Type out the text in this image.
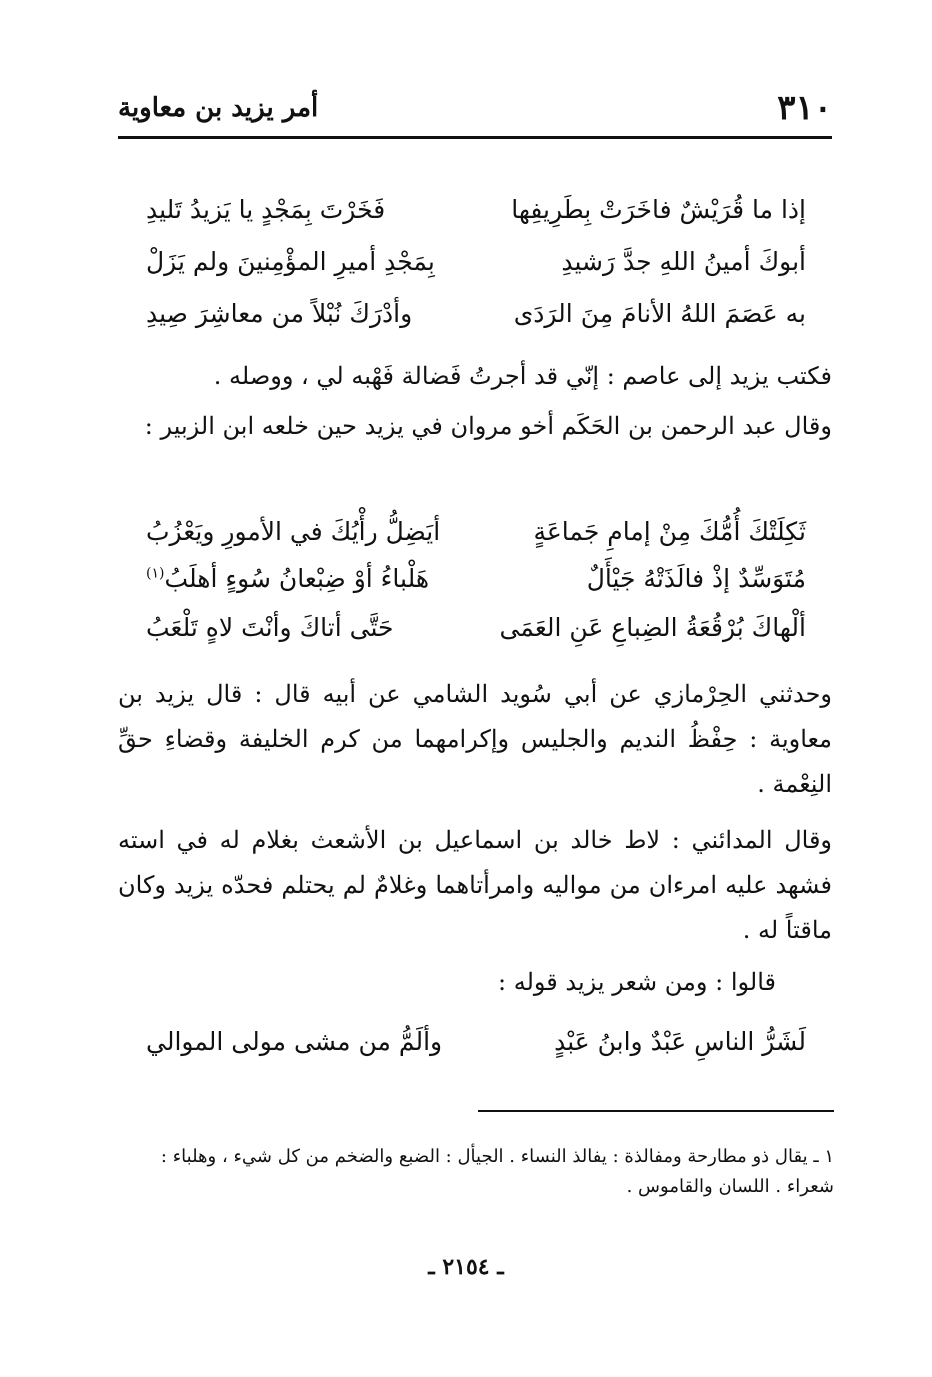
٣١٠
أمر يزيد بن معاوية
إذا ما قُرَيْشٌ فاخَرَتْ بِطَرِيفِها
فَخَرْتَ بِمَجْدٍ يا يَزيدُ تَليدِ
أبوكَ أمينُ اللهِ جدَّ رَشيدِ
بِمَجْدِ أميرِ المؤْمِنينَ ولم يَزَلْ
به عَصَمَ اللهُ الأنامَ مِنَ الرَدَى
وأدْرَكَ نُبْلاً من معاشِرَ صِيدِ
فكتب يزيد إلى عاصم : إنّي قد أجرتُ فَضالة فَهْبه لي ، ووصله .
وقال عبد الرحمن بن الحَكَم أخو مروان في يزيد حين خلعه ابن الزبير :
ثَكِلَتْكَ أُمُّكَ مِنْ إمامِ جَماعَةٍ
أيَضِلُّ رأْيُكَ في الأمورِ ويَعْزُبُ
مُتَوَسِّدٌ إذْ فالَذَتْهُ جَيْأَلٌ
هَلْباءُ أوْ ضِبْعانُ سُوءٍ أهلَبُ$^{(١)}$
ألْهاكَ بُرْقُعَةُ الضِباعِ عَنِ العَمَى
حَتَّى أتاكَ وأنْتَ لاهٍ تَلْعَبُ
وحدثني الحِرْمازي عن أبي سُويد الشامي عن أبيه قال : قال يزيد بن معاوية : حِفْظُ النديم والجليس وإكرامهما من كرم الخليفة وقضاءِ حقِّ النِعْمة .
وقال المدائني : لاط خالد بن اسماعيل بن الأشعث بغلام له في استه فشهد عليه امرءان من مواليه وامرأتاهما وغلامٌ لم يحتلم فحدّه يزيد وكان ماقتاً له .
قالوا : ومن شعر يزيد قوله :
لَشَرُّ الناسِ عَبْدٌ وابنُ عَبْدٍ
وألَمُّ من مشى مولى الموالي
١ ـ يقال ذو مطارحة ومفالذة : يفالذ النساء . الجيأل : الضبع والضخم من كل شيء ، وهلباء : شعراء . اللسان والقاموس .
ـ ٢١٥٤ ـ
